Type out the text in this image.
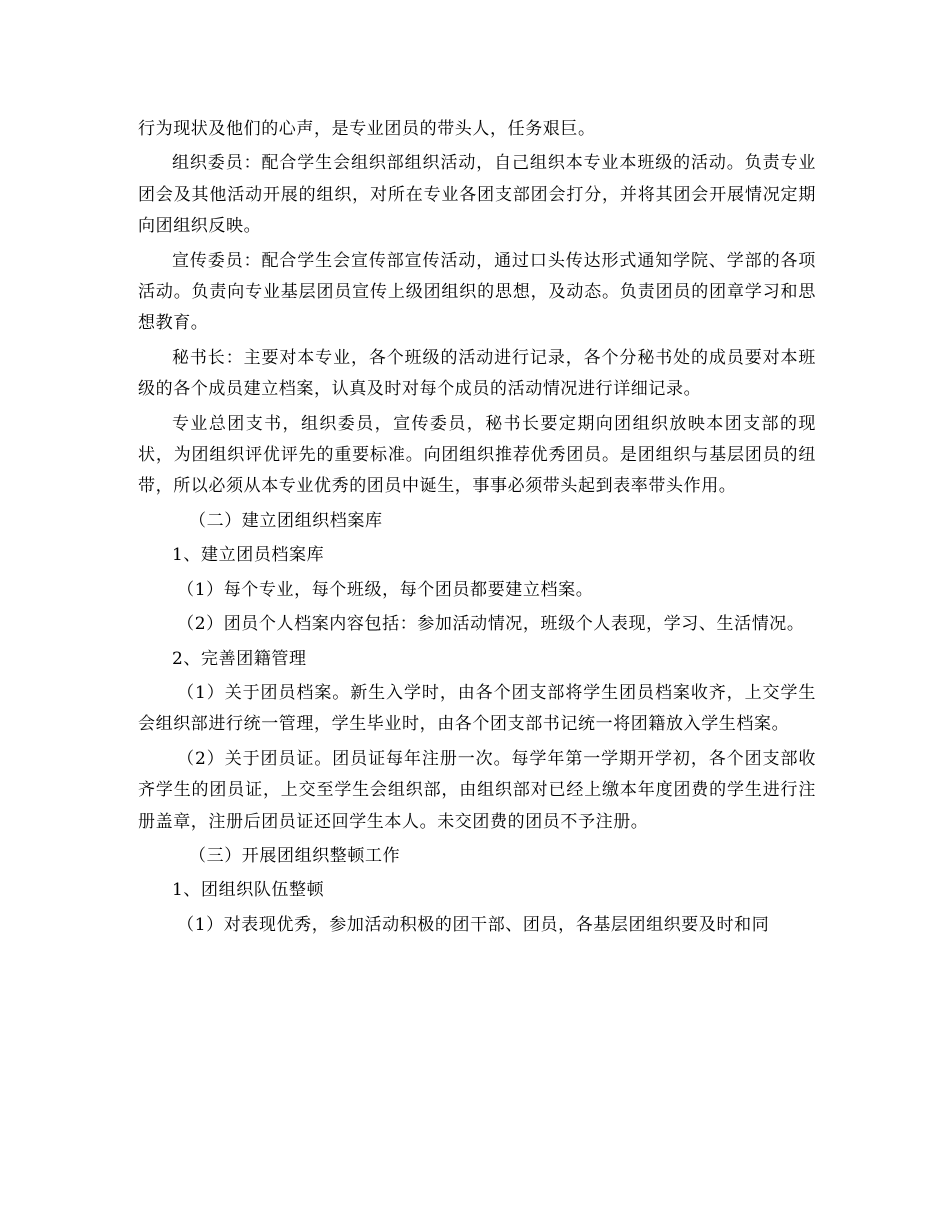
行为现状及他们的心声，是专业团员的带头人，任务艰巨。

组织委员：配合学生会组织部组织活动，自己组织本专业本班级的活动。负责专业团会及其他活动开展的组织，对所在专业各团支部团会打分，并将其团会开展情况定期向团组织反映。

宣传委员：配合学生会宣传部宣传活动，通过口头传达形式通知学院、学部的各项活动。负责向专业基层团员宣传上级团组织的思想，及动态。负责团员的团章学习和思想教育。

秘书长：主要对本专业，各个班级的活动进行记录，各个分秘书处的成员要对本班级的各个成员建立档案，认真及时对每个成员的活动情况进行详细记录。

专业总团支书，组织委员，宣传委员，秘书长要定期向团组织放映本团支部的现状，为团组织评优评先的重要标准。向团组织推荐优秀团员。是团组织与基层团员的纽带，所以必须从本专业优秀的团员中诞生，事事必须带头起到表率带头作用。

（二）建立团组织档案库

1、建立团员档案库

（1）每个专业，每个班级，每个团员都要建立档案。

（2）团员个人档案内容包括：参加活动情况，班级个人表现，学习、生活情况。

2、完善团籍管理

（1）关于团员档案。新生入学时，由各个团支部将学生团员档案收齐，上交学生会组织部进行统一管理，学生毕业时，由各个团支部书记统一将团籍放入学生档案。

（2）关于团员证。团员证每年注册一次。每学年第一学期开学初，各个团支部收齐学生的团员证，上交至学生会组织部，由组织部对已经上缴本年度团费的学生进行注册盖章，注册后团员证还回学生本人。未交团费的团员不予注册。

（三）开展团组织整顿工作

1、团组织队伍整顿

（1）对表现优秀，参加活动积极的团干部、团员，各基层团组织要及时和同
